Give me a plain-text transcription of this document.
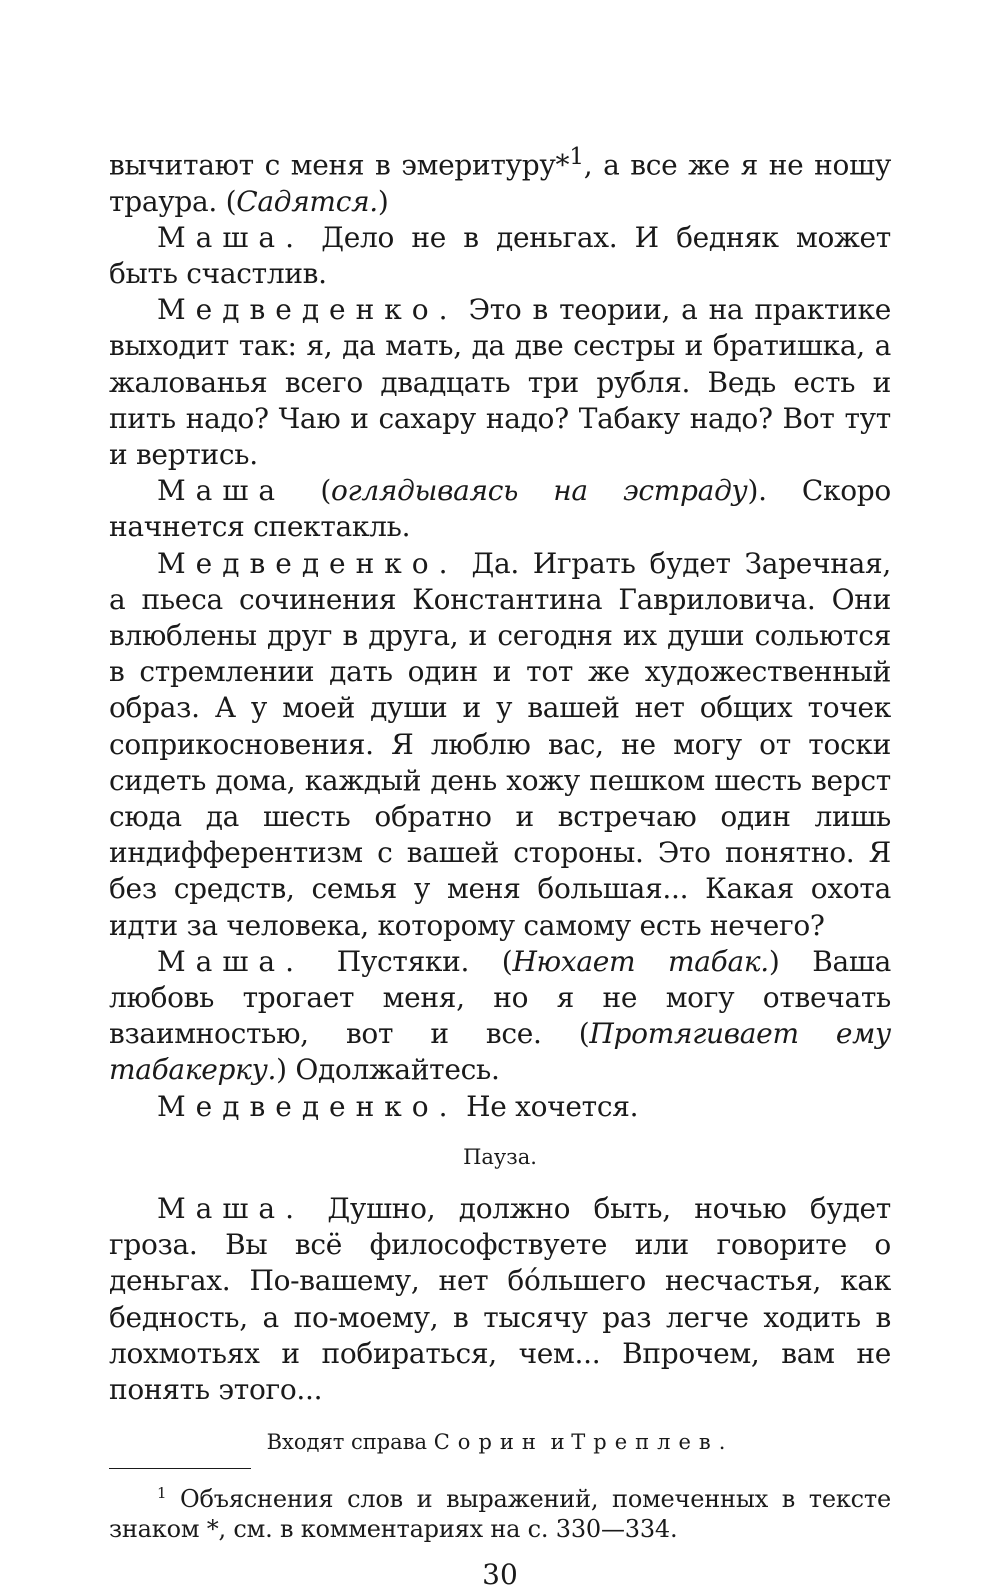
вычитают с меня в эмеритуру*$^1$, а все же я не ношу траура. (Садятся.)

Маша. Дело не в деньгах. И бедняк может быть счастлив.

Медведенко. Это в теории, а на практике выходит так: я, да мать, да две сестры и братишка, а жалованья всего двадцать три рубля. Ведь есть и пить надо? Чаю и сахару надо? Табаку надо? Вот тут и вертись.

Маша (оглядываясь на эстраду). Скоро начнется спектакль.

Медведенко. Да. Играть будет Заречная, а пьеса сочинения Константина Гавриловича. Они влюблены друг в друга, и сегодня их души сольются в стремлении дать один и тот же художественный образ. А у моей души и у вашей нет общих точек соприкосновения. Я люблю вас, не могу от тоски сидеть дома, каждый день хожу пешком шесть верст сюда да шесть обратно и встречаю один лишь индифферентизм с вашей стороны. Это понятно. Я без средств, семья у меня большая... Какая охота идти за человека, которому самому есть нечего?

Маша. Пустяки. (Нюхает табак.) Ваша любовь трогает меня, но я не могу отвечать взаимностью, вот и все. (Протягивает ему табакерку.) Одолжайтесь.

Медведенко. Не хочется.

Пауза.

Маша. Душно, должно быть, ночью будет гроза. Вы всё философствуете или говорите о деньгах. По-вашему, нет бо́льшего несчастья, как бедность, а по-моему, в тысячу раз легче ходить в лохмотьях и побираться, чем... Впрочем, вам не понять этого...

Входят справа Сорин и Треплев.
$^1$ Объяснения слов и выражений, помеченных в тексте знаком *, см. в комментариях на с. 330—334.
30
